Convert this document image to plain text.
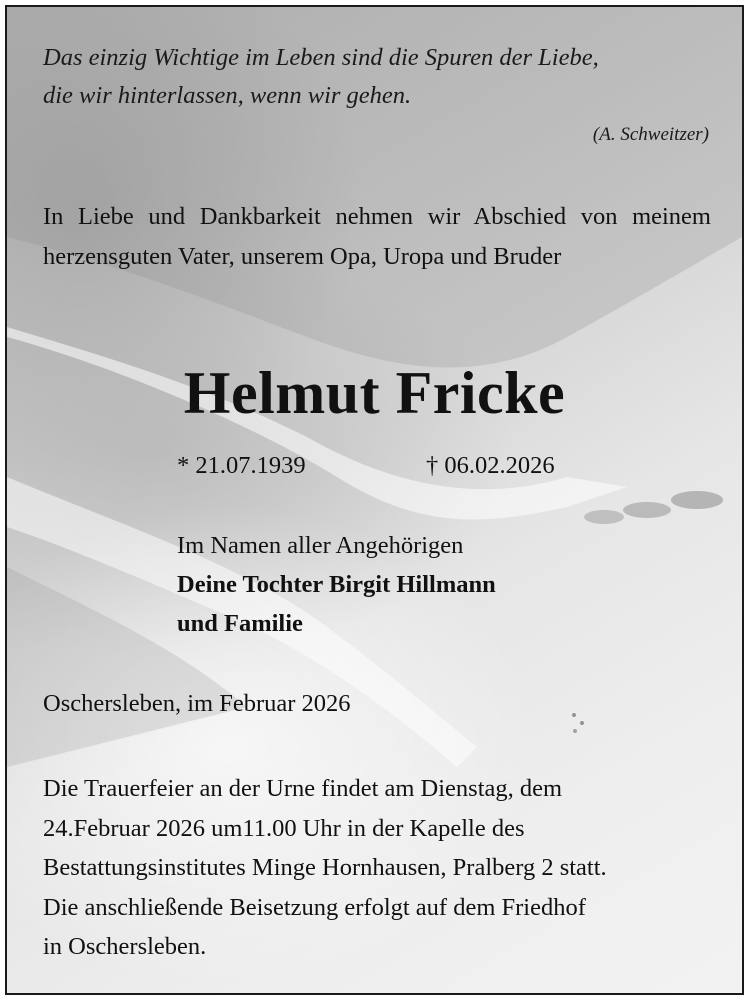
Das einzig Wichtige im Leben sind die Spuren der Liebe,
die wir hinterlassen, wenn wir gehen.
(A. Schweitzer)

In Liebe und Dankbarkeit nehmen wir Abschied von meinem herzensguten Vater, unserem Opa, Uropa und Bruder

Helmut Fricke
* 21.07.1939	† 06.02.2026
Im Namen aller Angehörigen
Deine Tochter Birgit Hillmann
und Familie
Oschersleben, im Februar 2026
Die Trauerfeier an der Urne findet am Dienstag, dem
24.Februar 2026 um11.00 Uhr in der Kapelle des
Bestattungsinstitutes Minge Hornhausen, Pralberg 2 statt.
Die anschließende Beisetzung erfolgt auf dem Friedhof
in Oschersleben.
